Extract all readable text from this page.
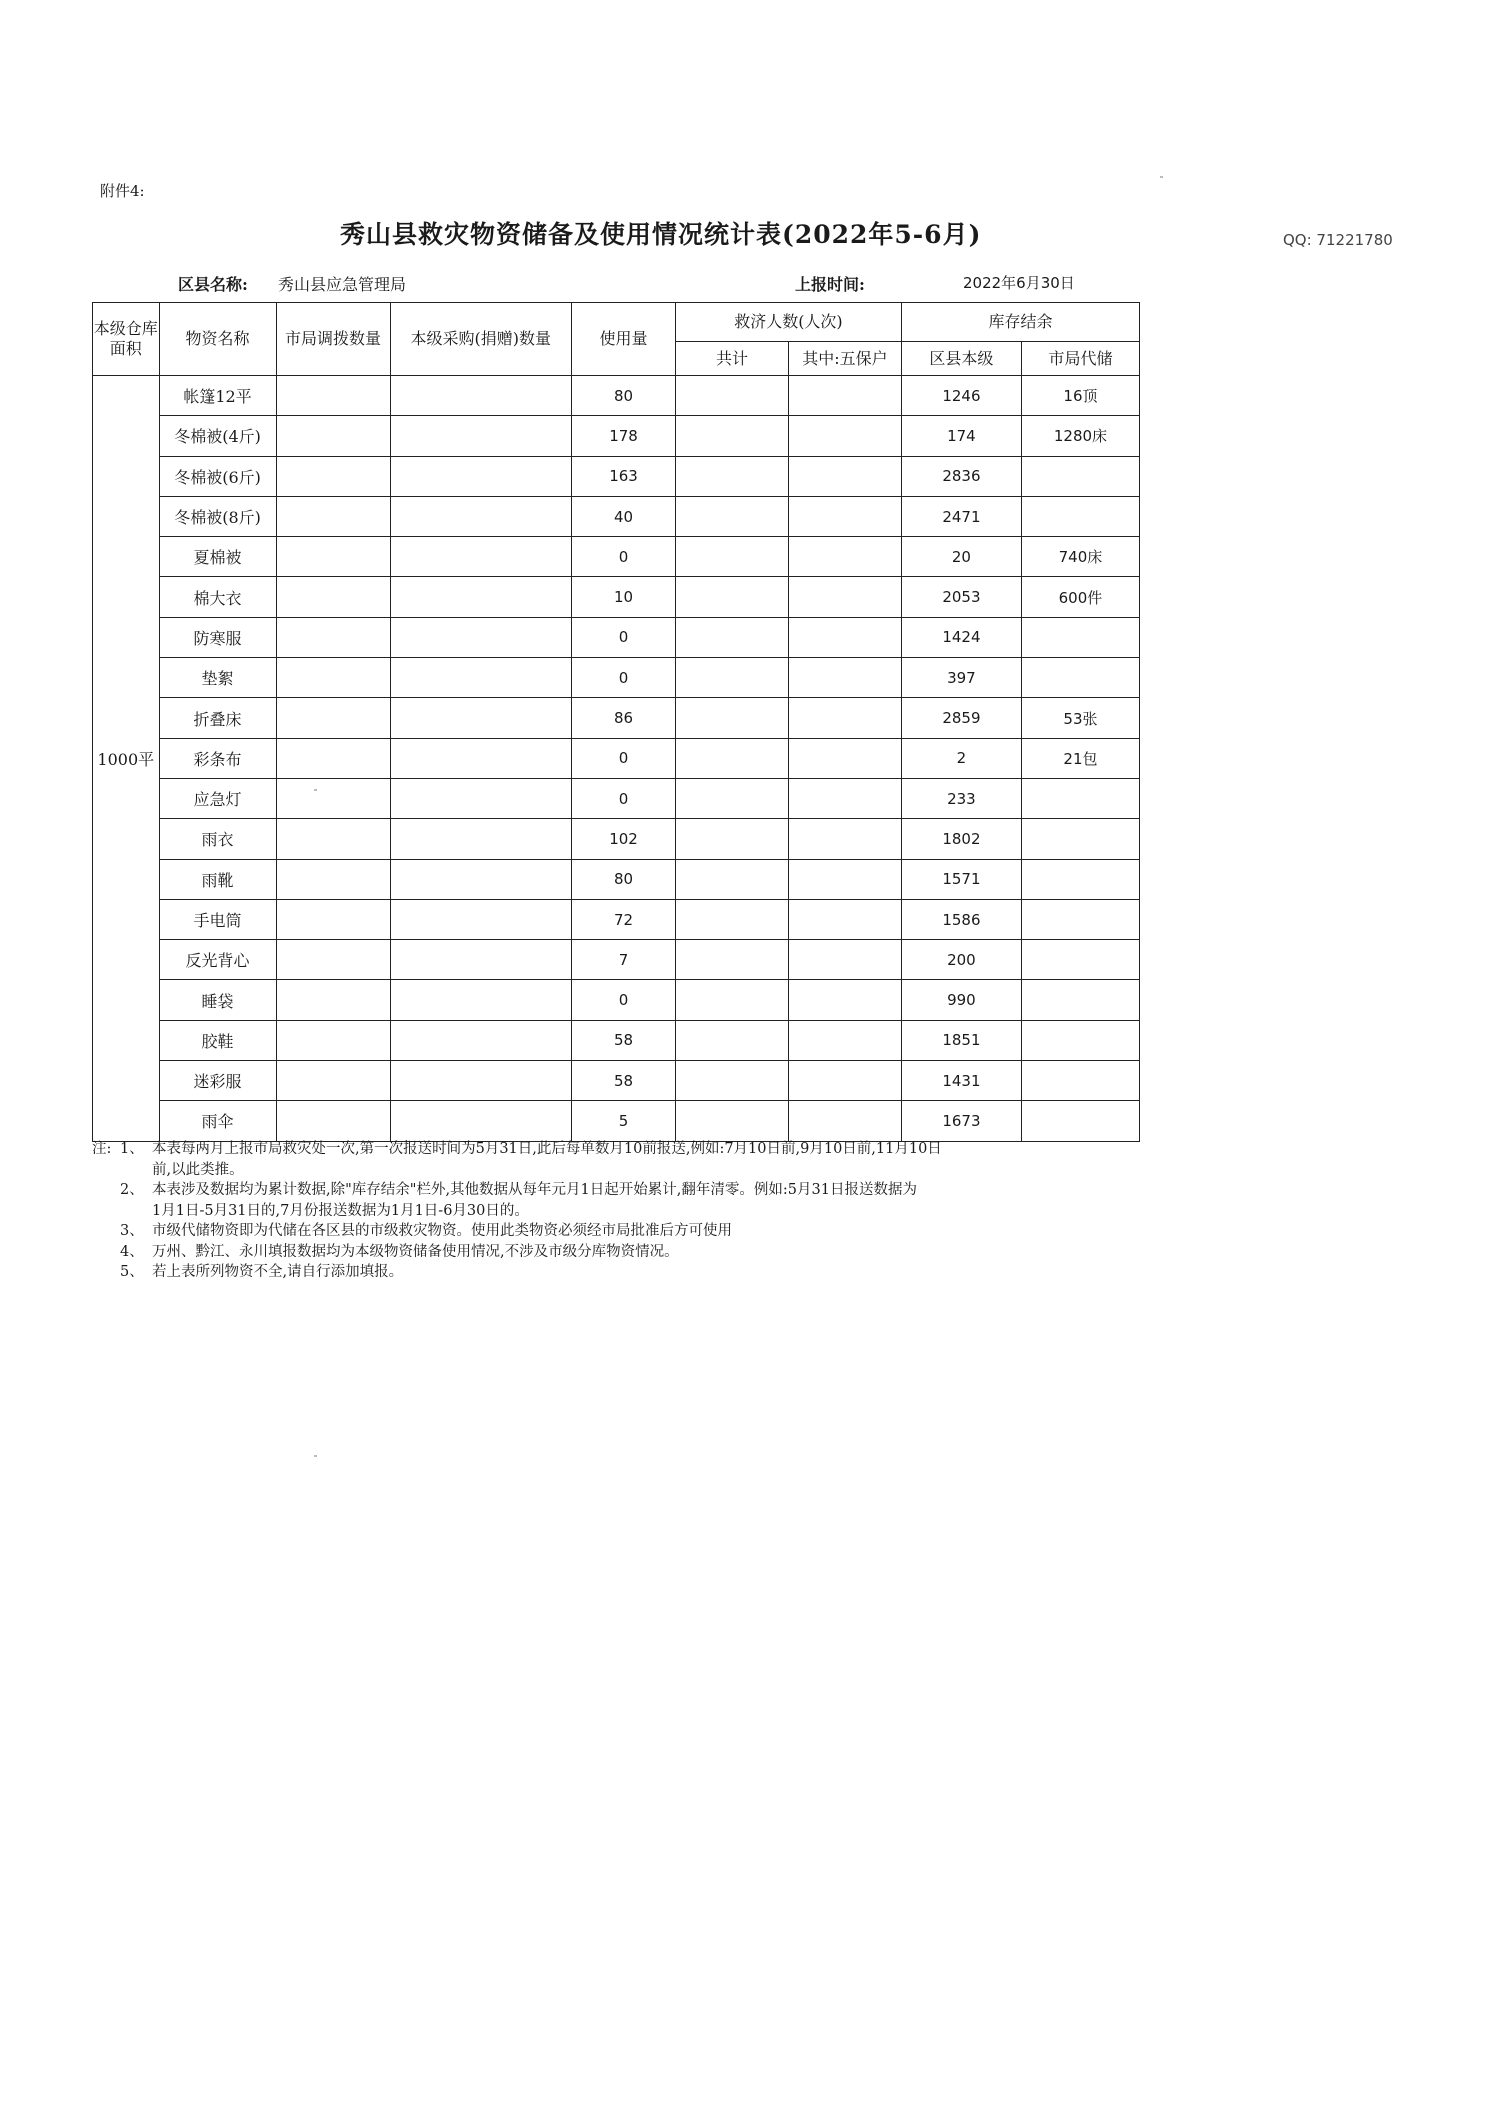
附件4:
秀山县救灾物资储备及使用情况统计表(2022年5-6月)	QQ: 71221780
区县名称: 秀山县应急管理局	上报时间:	2022年6月30日
本级仓库面积	物资名称	市局调拨数量	本级采购(捐赠)数量	使用量	救济人数(人次)		库存结余	
					共计	其中:五保户	区县本级	市局代储
1000平	帐篷12平			80			1246	16顶
	冬棉被(4斤)			178			174	1280床
	冬棉被(6斤)			163			2836	
	冬棉被(8斤)			40			2471	
	夏棉被			0			20	740床
	棉大衣			10			2053	600件
	防寒服			0			1424	
	垫絮			0			397	
	折叠床			86			2859	53张
	彩条布			0			2	21包
	应急灯			0			233	
	雨衣			102			1802	
	雨靴			80			1571	
	手电筒			72			1586	
	反光背心			7			200	
	睡袋			0			990	
	胶鞋			58			1851	
	迷彩服			58			1431	
	雨伞			5			1673	
注: 1、 本表每两月上报市局救灾处一次,第一次报送时间为5月31日,此后每单数月10前报送,例如:7月10日前,9月10日前,11月10日
前,以此类推。
2、 本表涉及数据均为累计数据,除"库存结余"栏外,其他数据从每年元月1日起开始累计,翻年清零。例如:5月31日报送数据为
1月1日-5月31日的,7月份报送数据为1月1日-6月30日的。
3、 市级代储物资即为代储在各区县的市级救灾物资。使用此类物资必须经市局批准后方可使用
4、 万州、黔江、永川填报数据均为本级物资储备使用情况,不涉及市级分库物资情况。
5、 若上表所列物资不全,请自行添加填报。
